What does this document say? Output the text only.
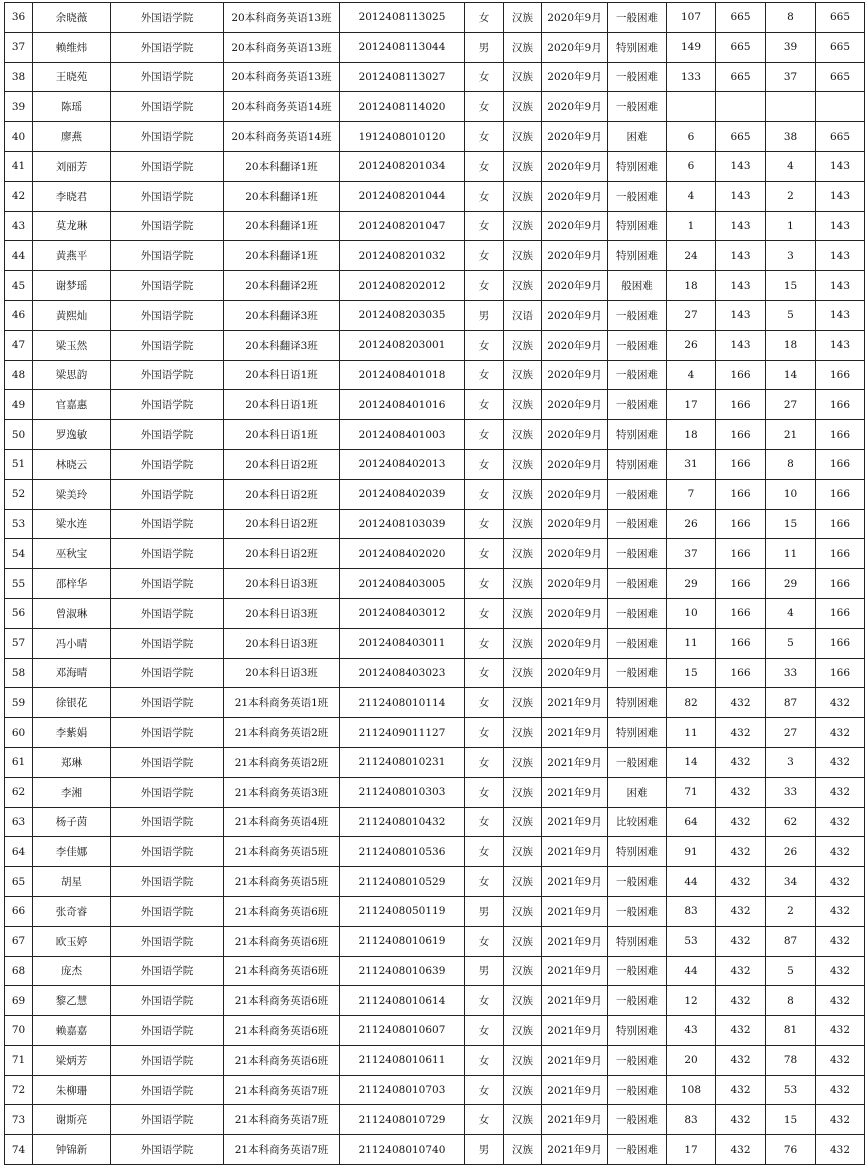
36	余晓薇	外国语学院	20本科商务英语13班	2012408113025	女	汉族	2020年9月	一般困难	107	665	8	665
37	赖维炜	外国语学院	20本科商务英语13班	2012408113044	男	汉族	2020年9月	特别困难	149	665	39	665
38	王晓苑	外国语学院	20本科商务英语13班	2012408113027	女	汉族	2020年9月	一般困难	133	665	37	665
39	陈瑶	外国语学院	20本科商务英语14班	2012408114020	女	汉族	2020年9月	一般困难				
40	廖燕	外国语学院	20本科商务英语14班	1912408010120	女	汉族	2020年9月	困难	6	665	38	665
41	刘丽芳	外国语学院	20本科翻译1班	2012408201034	女	汉族	2020年9月	特别困难	6	143	4	143
42	李晓君	外国语学院	20本科翻译1班	2012408201044	女	汉族	2020年9月	一般困难	4	143	2	143
43	莫龙琳	外国语学院	20本科翻译1班	2012408201047	女	汉族	2020年9月	特别困难	1	143	1	143
44	黄燕平	外国语学院	20本科翻译1班	2012408201032	女	汉族	2020年9月	特别困难	24	143	3	143
45	谢梦瑶	外国语学院	20本科翻译2班	2012408202012	女	汉族	2020年9月	般困难	18	143	15	143
46	黄熙灿	外国语学院	20本科翻译3班	2012408203035	男	汉语	2020年9月	一般困难	27	143	5	143
47	梁玉然	外国语学院	20本科翻译3班	2012408203001	女	汉族	2020年9月	一般困难	26	143	18	143
48	梁思韵	外国语学院	20本科日语1班	2012408401018	女	汉族	2020年9月	一般困难	4	166	14	166
49	官嘉惠	外国语学院	20本科日语1班	2012408401016	女	汉族	2020年9月	一般困难	17	166	27	166
50	罗逸敏	外国语学院	20本科日语1班	2012408401003	女	汉族	2020年9月	特别困难	18	166	21	166
51	林晓云	外国语学院	20本科日语2班	2012408402013	女	汉族	2020年9月	特别困难	31	166	8	166
52	梁美玲	外国语学院	20本科日语2班	2012408402039	女	汉族	2020年9月	一般困难	7	166	10	166
53	梁水连	外国语学院	20本科日语2班	2012408103039	女	汉族	2020年9月	一般困难	26	166	15	166
54	巫秋宝	外国语学院	20本科日语2班	2012408402020	女	汉族	2020年9月	一般困难	37	166	11	166
55	邵梓华	外国语学院	20本科日语3班	2012408403005	女	汉族	2020年9月	一般困难	29	166	29	166
56	曾淑琳	外国语学院	20本科日语3班	2012408403012	女	汉族	2020年9月	一般困难	10	166	4	166
57	冯小晴	外国语学院	20本科日语3班	2012408403011	女	汉族	2020年9月	一般困难	11	166	5	166
58	邓海晴	外国语学院	20本科日语3班	2012408403023	女	汉族	2020年9月	一般困难	15	166	33	166
59	徐银花	外国语学院	21本科商务英语1班	2112408010114	女	汉族	2021年9月	特别困难	82	432	87	432
60	李紫娟	外国语学院	21本科商务英语2班	2112409011127	女	汉族	2021年9月	特别困难	11	432	27	432
61	郑琳	外国语学院	21本科商务英语2班	2112408010231	女	汉族	2021年9月	一般困难	14	432	3	432
62	李湘	外国语学院	21本科商务英语3班	2112408010303	女	汉族	2021年9月	困难	71	432	33	432
63	杨子茵	外国语学院	21本科商务英语4班	2112408010432	女	汉族	2021年9月	比较困难	64	432	62	432
64	李佳娜	外国语学院	21本科商务英语5班	2112408010536	女	汉族	2021年9月	特别困难	91	432	26	432
65	胡星	外国语学院	21本科商务英语5班	2112408010529	女	汉族	2021年9月	一般困难	44	432	34	432
66	张奇睿	外国语学院	21本科商务英语6班	2112408050119	男	汉族	2021年9月	一般困难	83	432	2	432
67	欧玉婷	外国语学院	21本科商务英语6班	2112408010619	女	汉族	2021年9月	特别困难	53	432	87	432
68	庞杰	外国语学院	21本科商务英语6班	2112408010639	男	汉族	2021年9月	一般困难	44	432	5	432
69	黎乙慧	外国语学院	21本科商务英语6班	2112408010614	女	汉族	2021年9月	一般困难	12	432	8	432
70	赖嘉嘉	外国语学院	21本科商务英语6班	2112408010607	女	汉族	2021年9月	特别困难	43	432	81	432
71	梁炳芳	外国语学院	21本科商务英语6班	2112408010611	女	汉族	2021年9月	一般困难	20	432	78	432
72	朱柳珊	外国语学院	21本科商务英语7班	2112408010703	女	汉族	2021年9月	一般困难	108	432	53	432
73	谢斯亮	外国语学院	21本科商务英语7班	2112408010729	女	汉族	2021年9月	一般困难	83	432	15	432
74	钟锦新	外国语学院	21本科商务英语7班	2112408010740	男	汉族	2021年9月	一般困难	17	432	76	432
